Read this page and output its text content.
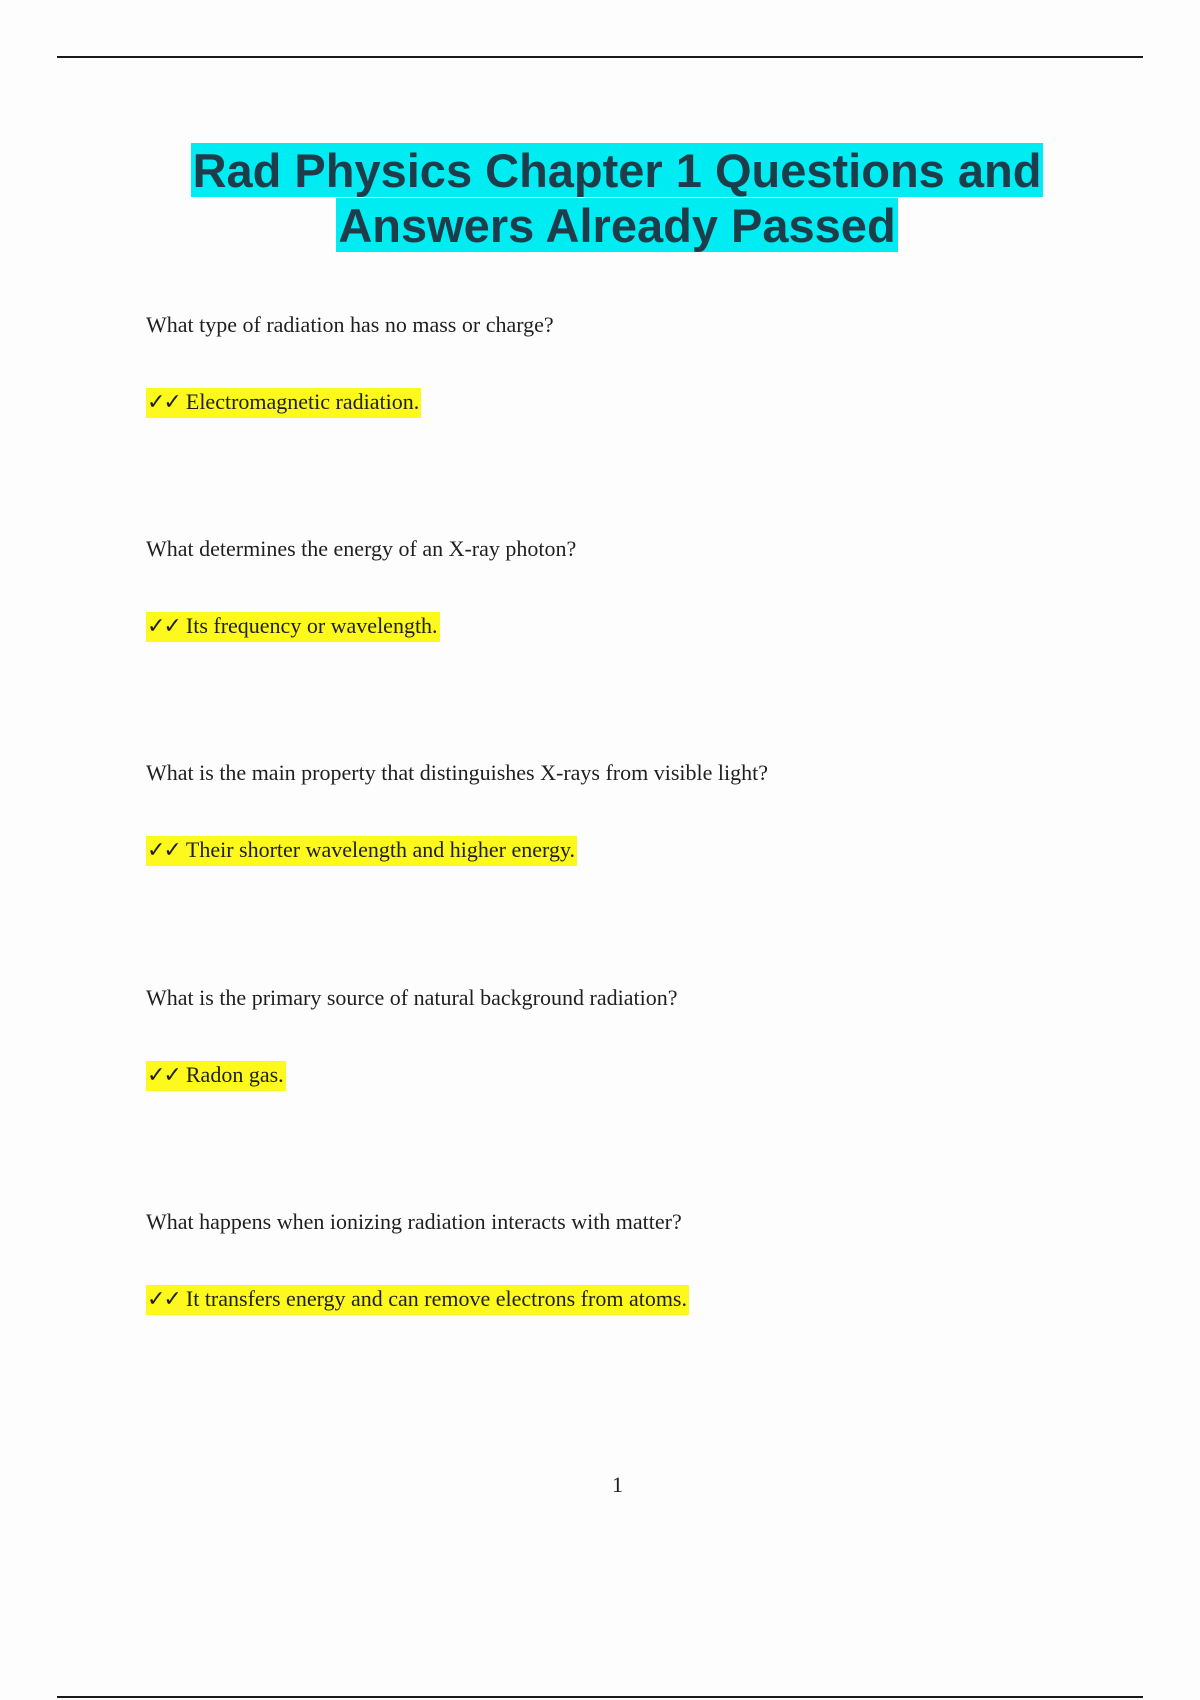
Rad Physics Chapter 1 Questions and
Answers Already Passed
What type of radiation has no mass or charge?
✓✓ Electromagnetic radiation.
What determines the energy of an X-ray photon?
✓✓ Its frequency or wavelength.
What is the main property that distinguishes X-rays from visible light?
✓✓ Their shorter wavelength and higher energy.
What is the primary source of natural background radiation?
✓✓ Radon gas.
What happens when ionizing radiation interacts with matter?
✓✓ It transfers energy and can remove electrons from atoms.
1
